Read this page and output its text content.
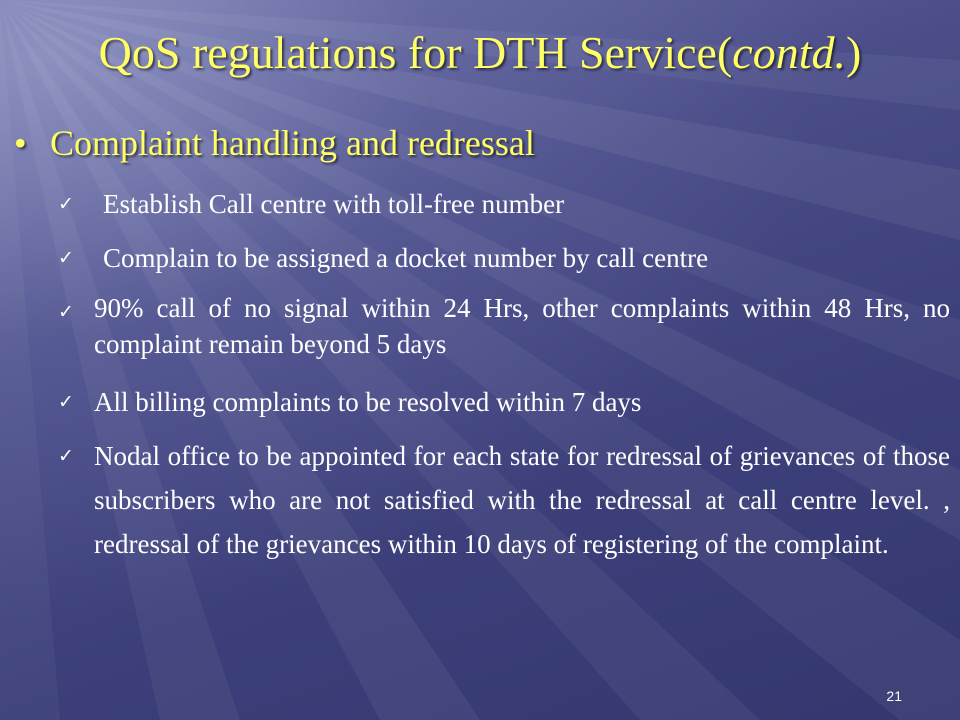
QoS regulations for DTH Service(contd.)
• Complaint handling and redressal
✓	Establish Call centre with toll-free number
✓	Complain to be assigned a docket number by call centre
✓ 90% call of no signal within 24 Hrs, other complaints within 48 Hrs, no complaint remain beyond 5 days
✓ All billing complaints to be resolved within 7 days
✓ Nodal office to be appointed for each state for redressal of grievances of those subscribers who are not satisfied with the redressal at call centre level. , redressal of the grievances within 10 days of registering of the complaint.
21
